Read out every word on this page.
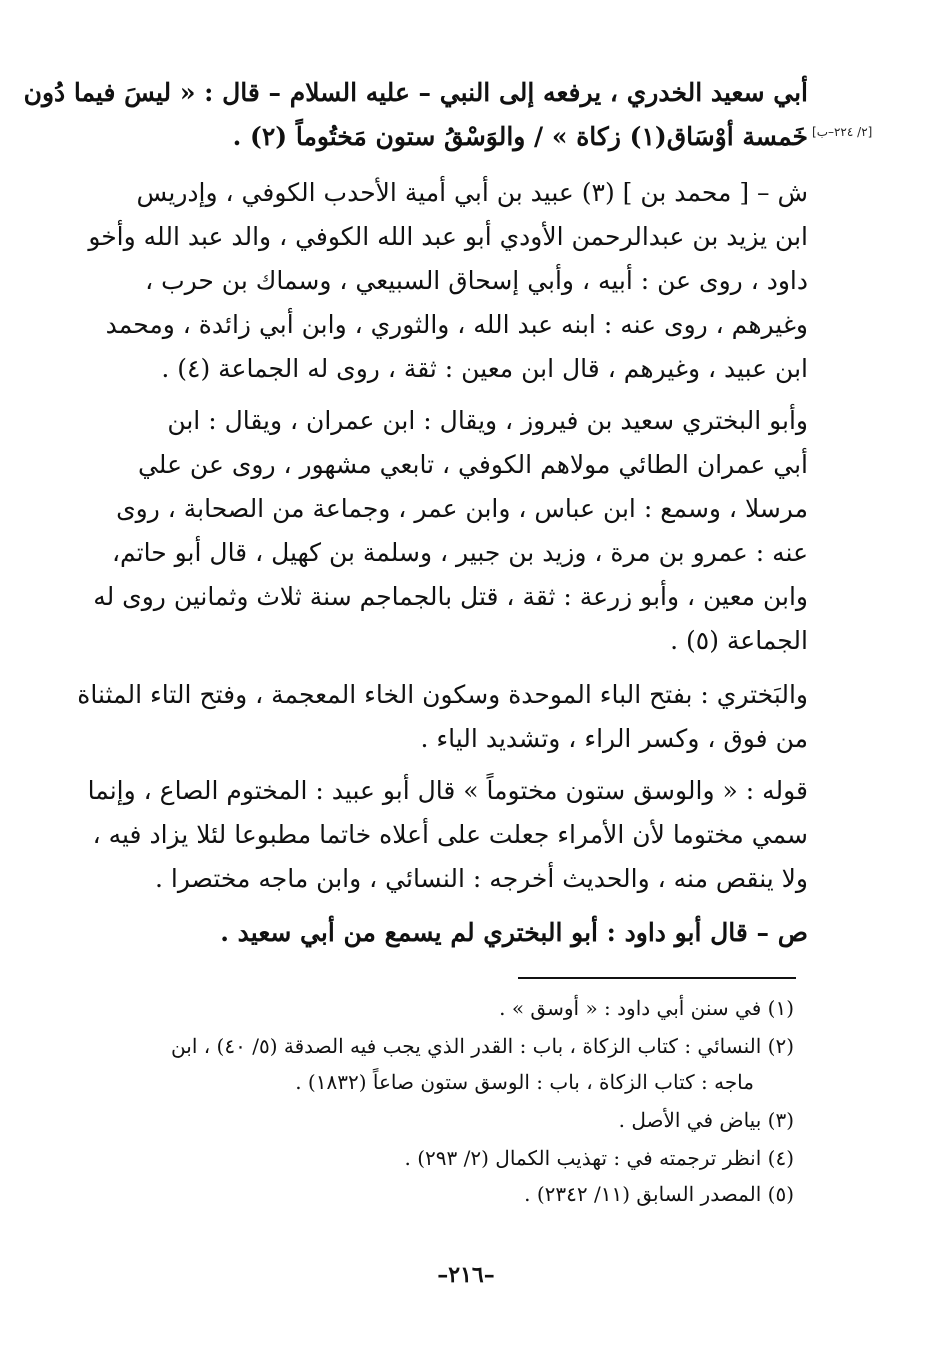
أبي سعيد الخدري ، يرفعه إلى النبي – عليه السلام – قال : « ليسَ فيما دُون
خَمسة أوْسَاق(١) زكاة » / والوَسْقُ ستون مَختُوماً (٢) . [٢/ ٢٢٤–ب]
ش – [ محمد بن ] (٣) عبيد بن أبي أمية الأحدب الكوفي ، وإدريس
ابن يزيد بن عبدالرحمن الأودي أبو عبد الله الكوفي ، والد عبد الله وأخو
داود ، روى عن : أبيه ، وأبي إسحاق السبيعي ، وسماك بن حرب ،
وغيرهم ، روى عنه : ابنه عبد الله ، والثوري ، وابن أبي زائدة ، ومحمد
ابن عبيد ، وغيرهم ، قال ابن معين : ثقة ، روى له الجماعة (٤) .
وأبو البختري سعيد بن فيروز ، ويقال : ابن عمران ، ويقال : ابن
أبي عمران الطائي مولاهم الكوفي ، تابعي مشهور ، روى عن علي
مرسلا ، وسمع : ابن عباس ، وابن عمر ، وجماعة من الصحابة ، روى
عنه : عمرو بن مرة ، وزيد بن جبير ، وسلمة بن كهيل ، قال أبو حاتم،
وابن معين ، وأبو زرعة : ثقة ، قتل بالجماجم سنة ثلاث وثمانين روى له
الجماعة (٥) .
والبَختري : بفتح الباء الموحدة وسكون الخاء المعجمة ، وفتح التاء المثناة
من فوق ، وكسر الراء ، وتشديد الياء .
قوله : « والوسق ستون مختوماً » قال أبو عبيد : المختوم الصاع ، وإنما
سمي مختوما لأن الأمراء جعلت على أعلاه خاتما مطبوعا لئلا يزاد فيه ،
ولا ينقص منه ، والحديث أخرجه : النسائي ، وابن ماجه مختصرا .
ص – قال أبو داود : أبو البختري لم يسمع من أبي سعيد .
(١) في سنن أبي داود : « أوسق » .
(٢) النسائي : كتاب الزكاة ، باب : القدر الذي يجب فيه الصدقة (٥/ ٤٠) ، ابن
ماجه : كتاب الزكاة ، باب : الوسق ستون صاعاً (١٨٣٢) .
(٣) بياض في الأصل .
(٤) انظر ترجمته في : تهذيب الكمال (٢/ ٢٩٣) .
(٥) المصدر السابق (١١/ ٢٣٤٢) .
–٢١٦–
